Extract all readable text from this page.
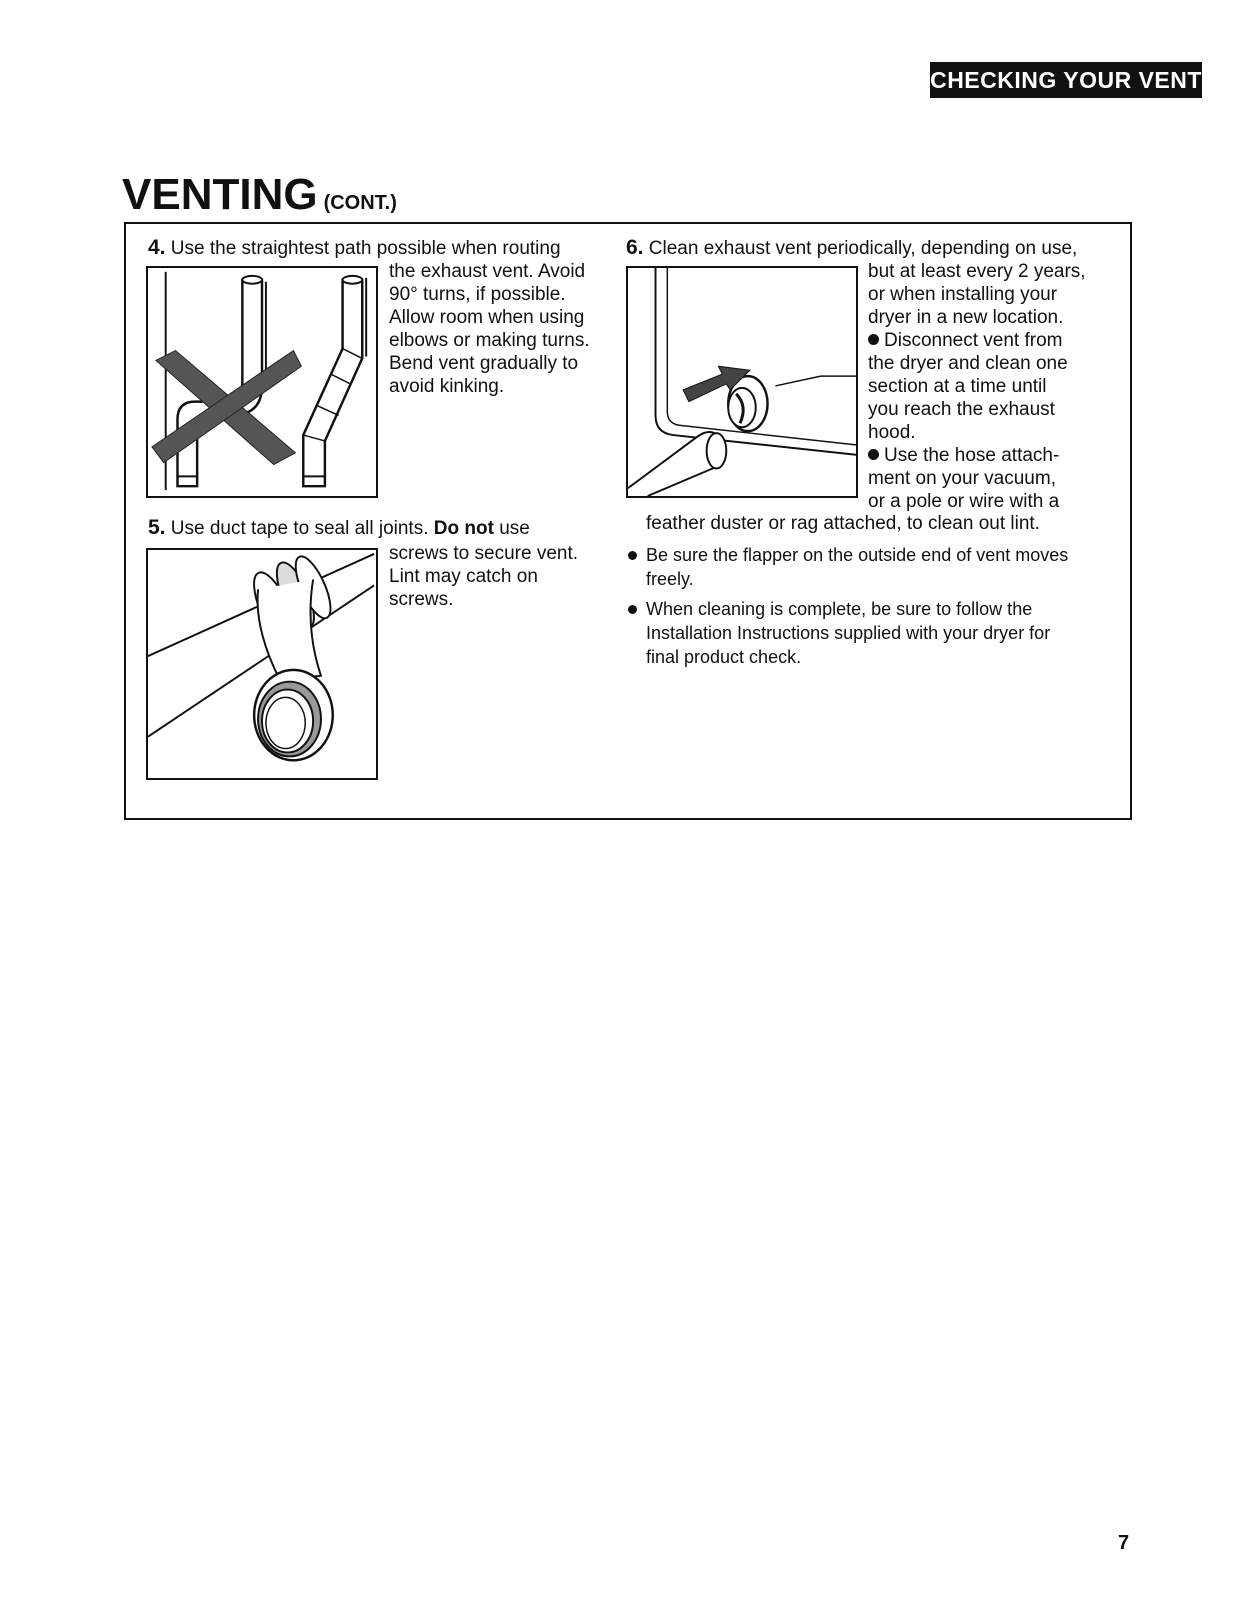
CHECKING YOUR VENT
VENTING (CONT.)
4. Use the straightest path possible when routing

the exhaust vent. Avoid

90° turns, if possible.

Allow room when using

elbows or making turns.

Bend vent gradually to

avoid kinking.

5. Use duct tape to seal all joints. Do not use

screws to secure vent.

Lint may catch on

screws.

6. Clean exhaust vent periodically, depending on use,

but at least every 2 years,

or when installing your

dryer in a new location.

Disconnect vent from

the dryer and clean one

section at a time until

you reach the exhaust

hood.

Use the hose attach-

ment on your vacuum,

or a pole or wire with a

feather duster or rag attached, to clean out lint.
Be sure the flapper on the outside end of vent moves freely.
When cleaning is complete, be sure to follow the Installation Instructions supplied with your dryer for final product check.
7
